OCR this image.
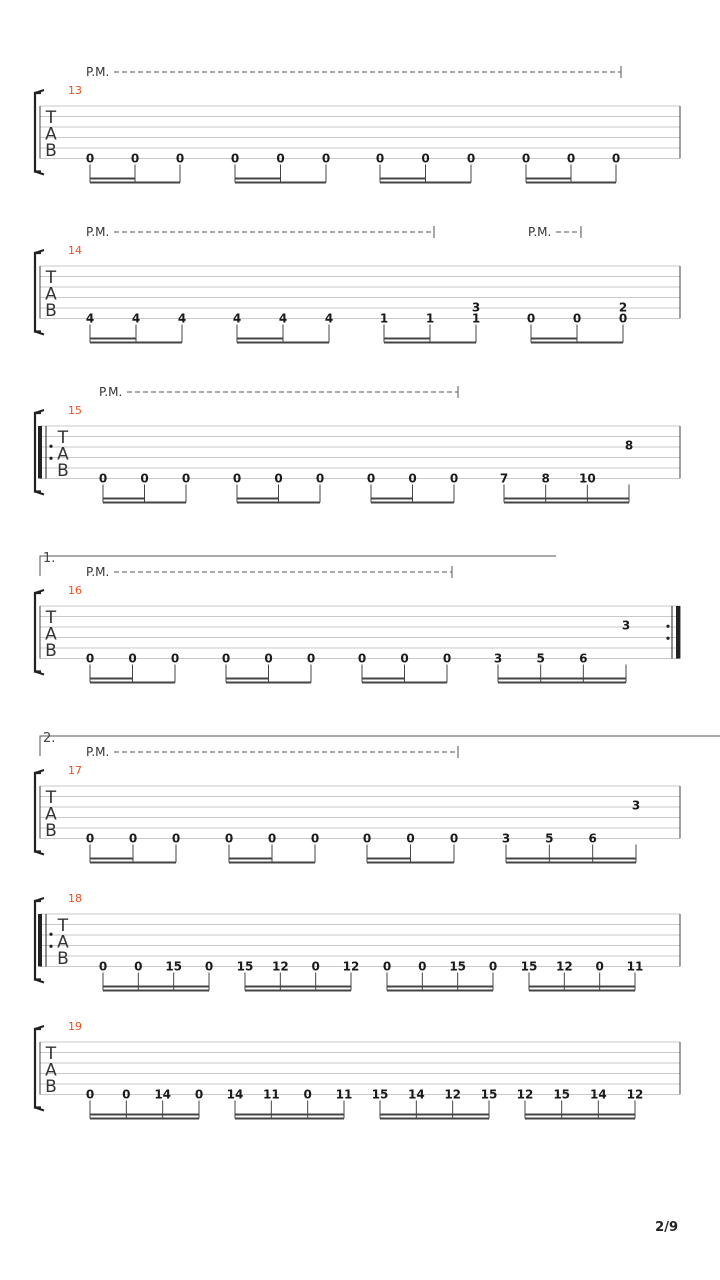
T
A
B
13
P.M.
0	0	0	0	0	0	0	0	0	0	0	0
T
A
B
14
P.M.	P.M.
4	4	4	4	4	4	1	1	1
3
0	0	0
2
T
A
B
15
P.M.
0	0	0	0	0	0	0	0	0	7	8 10
8
T
A
B
16
1.
P.M.
0	0	0	0	0	0	0	0	0	3	5	6
3
T
A
B
17
2.
P.M.
0	0	0	0	0	0	0	0	0	3	5	6
3
T
A
B
18
0 0 15 0 15 12 0 12 0 0 15 0 15 12 0 11
T
A
B
19
0 0 14 0 14 11 0 11 15 14 12 15 12 15 14 12
2/9
